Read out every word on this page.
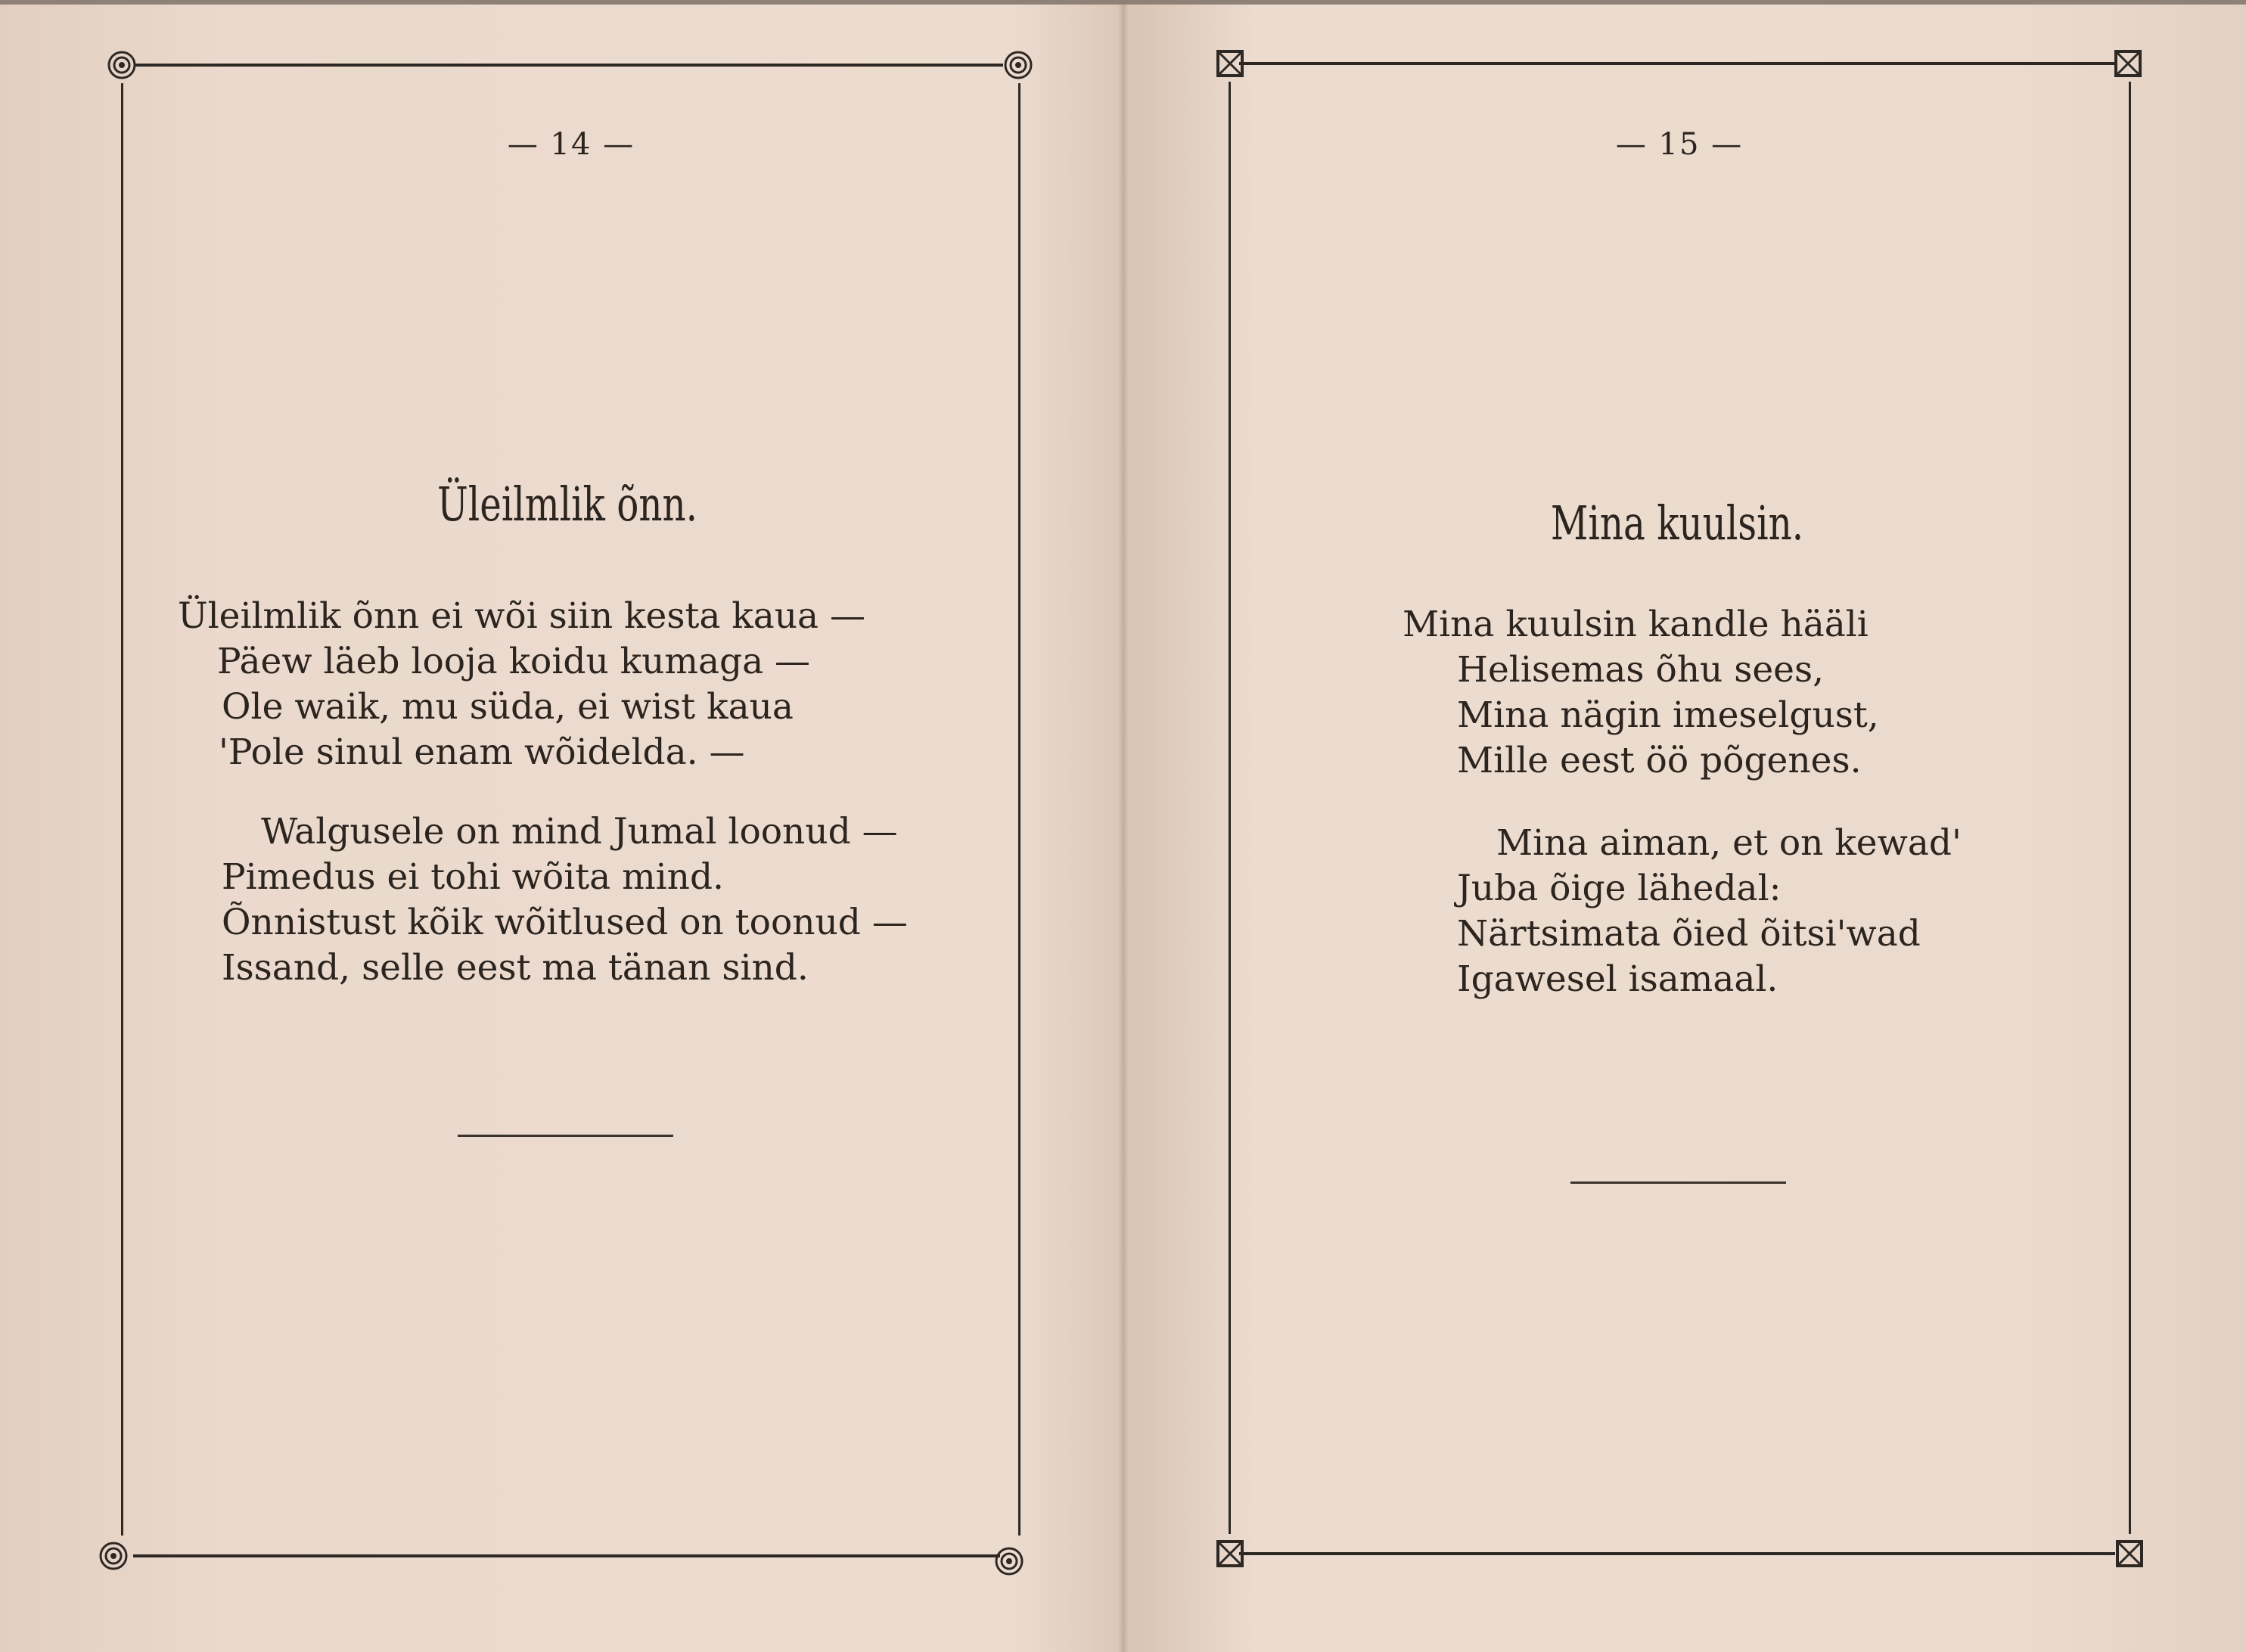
— 14 —
Üleilmlik õnn.
Üleilmlik õnn ei wõi siin kesta kaua —
Päew läeb looja koidu kumaga —
Ole waik, mu süda, ei wist kaua
'Pole sinul enam wõidelda. —
Walgusele on mind Jumal loonud —
Pimedus ei tohi wõita mind.
Õnnistust kõik wõitlused on toonud —
Issand, selle eest ma tänan sind.
— 15 —
Mina kuulsin.
Mina kuulsin kandle hääli
Helisemas õhu sees,
Mina nägin imeselgust,
Mille eest öö põgenes.
Mina aiman, et on kewad'
Juba õige lähedal:
Närtsimata õied õitsi'wad
Igawesel isamaal.
